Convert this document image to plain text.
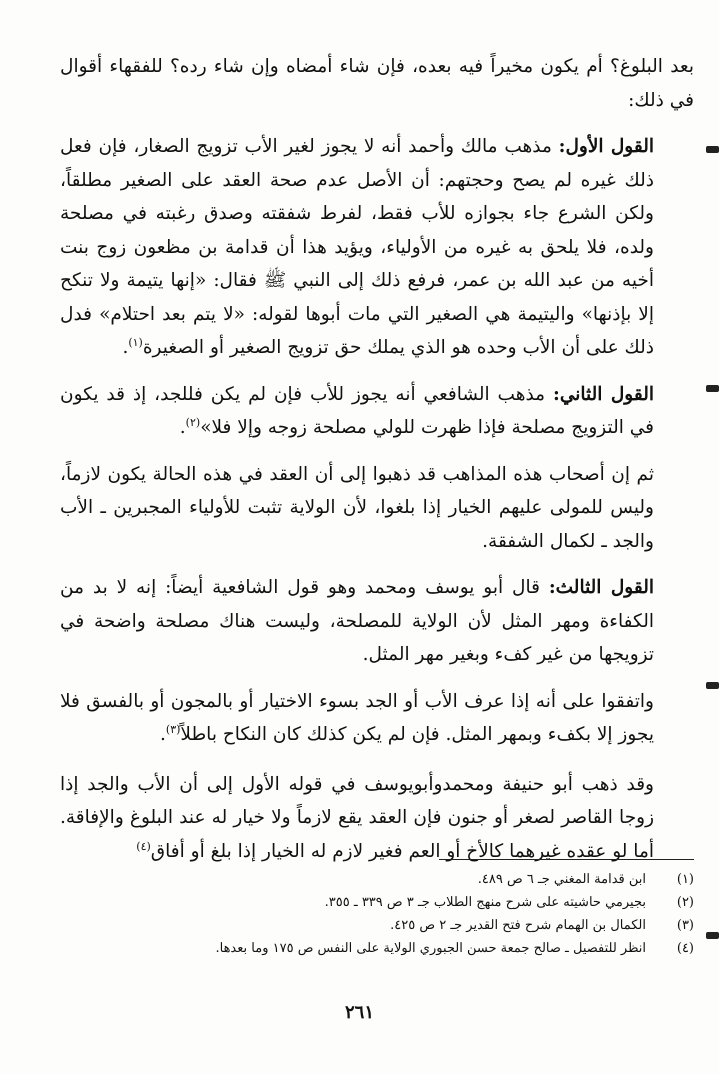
بعد البلوغ؟ أم يكون مخيراً فيه بعده، فإن شاء أمضاه وإن شاء رده؟ للفقهاء أقوال في ذلك:

القول الأول: مذهب مالك وأحمد أنه لا يجوز لغير الأب تزويج الصغار، فإن فعل ذلك غيره لم يصح وحجتهم: أن الأصل عدم صحة العقد على الصغير مطلقاً، ولكن الشرع جاء بجوازه للأب فقط، لفرط شفقته وصدق رغبته في مصلحة ولده، فلا يلحق به غيره من الأولياء، ويؤيد هذا أن قدامة بن مظعون زوج بنت أخيه من عبد الله بن عمر، فرفع ذلك إلى النبي ﷺ فقال: «إنها يتيمة ولا تنكح إلا بإذنها» واليتيمة هي الصغير التي مات أبوها لقوله: «لا يتم بعد احتلام» فدل ذلك على أن الأب وحده هو الذي يملك حق تزويج الصغير أو الصغيرة$^{(١)}$.

القول الثاني: مذهب الشافعي أنه يجوز للأب فإن لم يكن فللجد، إذ قد يكون في التزويج مصلحة فإذا ظهرت للولي مصلحة زوجه وإلا فلا»$^{(٢)}$.

ثم إن أصحاب هذه المذاهب قد ذهبوا إلى أن العقد في هذه الحالة يكون لازماً، وليس للمولى عليهم الخيار إذا بلغوا، لأن الولاية تثبت للأولياء المجبرين ـ الأب والجد ـ لكمال الشفقة.

القول الثالث: قال أبو يوسف ومحمد وهو قول الشافعية أيضاً: إنه لا بد من الكفاءة ومهر المثل لأن الولاية للمصلحة، وليست هناك مصلحة واضحة في تزويجها من غير كفء وبغير مهر المثل.

واتفقوا على أنه إذا عرف الأب أو الجد بسوء الاختيار أو بالمجون أو بالفسق فلا يجوز إلا بكفء وبمهر المثل. فإن لم يكن كذلك كان النكاح باطلاً$^{(٣)}$.

وقد ذهب أبو حنيفة ومحمدوأبويوسف في قوله الأول إلى أن الأب والجد إذا زوجا القاصر لصغر أو جنون فإن العقد يقع لازماً ولا خيار له عند البلوغ والإفاقة. أما لو عقده غيرهما كالأخ أو العم فغير لازم له الخيار إذا بلغ أو أفاق$^{(٤)}$

(١)
ابن قدامة المغني جـ ٦ ص ٤٨٩.
(٢)
بجيرمي حاشيته على شرح منهج الطلاب جـ ٣ ص ٣٣٩ ـ ٣٥٥.
(٣)
الكمال بن الهمام شرح فتح القدير جـ ٢ ص ٤٢٥.
(٤)
انظر للتفصيل ـ صالح جمعة حسن الجبوري الولاية على النفس ص ١٧٥ وما بعدها.
٢٦١
